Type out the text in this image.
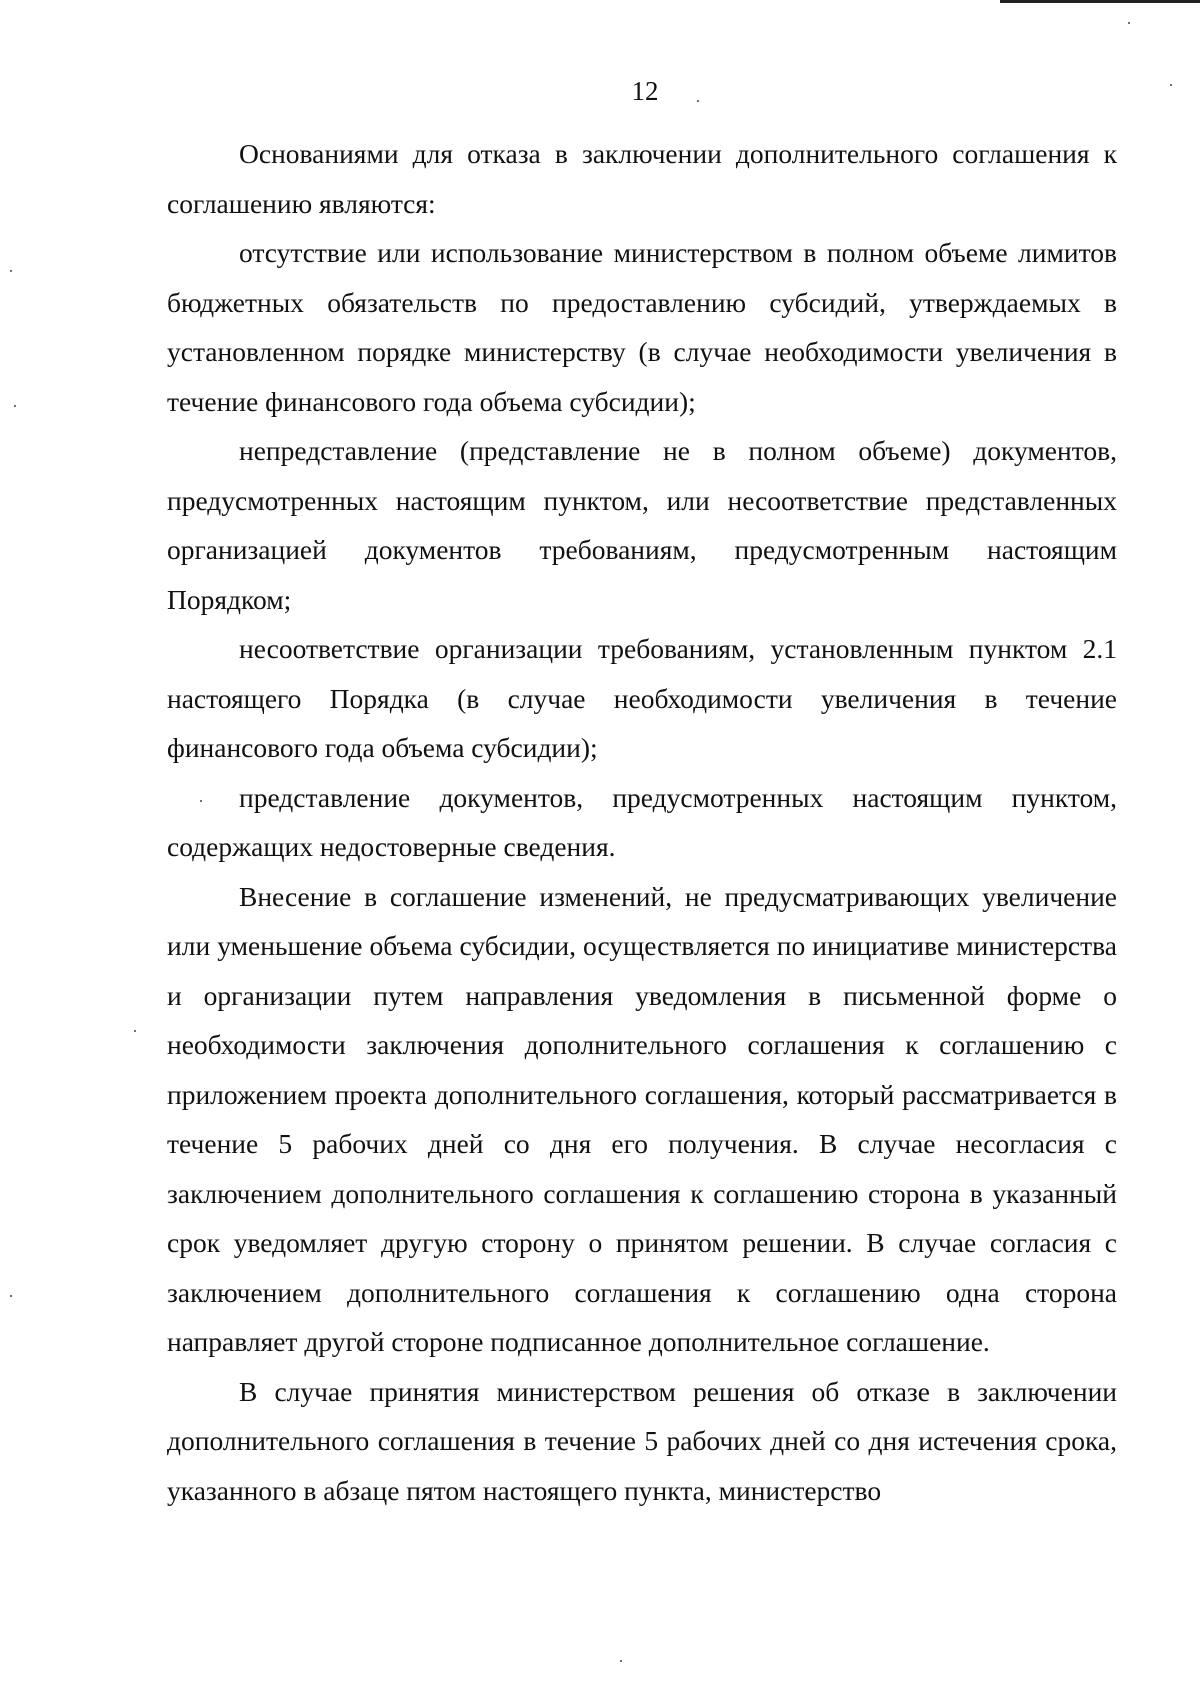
12

Основаниями для отказа в заключении дополнительного соглашения к соглашению являются:

отсутствие или использование министерством в полном объеме лимитов бюджетных обязательств по предоставлению субсидий, утверждаемых в установленном порядке министерству (в случае необходимости увеличения в течение финансового года объема субсидии);

непредставление (представление не в полном объеме) документов, предусмотренных настоящим пунктом, или несоответствие представленных организацией документов требованиям, предусмотренным настоящим Порядком;

несоответствие организации требованиям, установленным пунктом 2.1 настоящего Порядка (в случае необходимости увеличения в течение финансового года объема субсидии);

представление документов, предусмотренных настоящим пунктом, содержащих недостоверные сведения.

Внесение в соглашение изменений, не предусматривающих увеличение или уменьшение объема субсидии, осуществляется по инициативе министерства и организации путем направления уведомления в письменной форме о необходимости заключения дополнительного соглашения к соглашению с приложением проекта дополнительного соглашения, который рассматривается в течение 5 рабочих дней со дня его получения. В случае несогласия с заключением дополнительного соглашения к соглашению сторона в указанный срок уведомляет другую сторону о принятом решении. В случае согласия с заключением дополнительного соглашения к соглашению одна сторона направляет другой стороне подписанное дополнительное соглашение.

В случае принятия министерством решения об отказе в заключении дополнительного соглашения в течение 5 рабочих дней со дня истечения срока, указанного в абзаце пятом настоящего пункта, министерство
